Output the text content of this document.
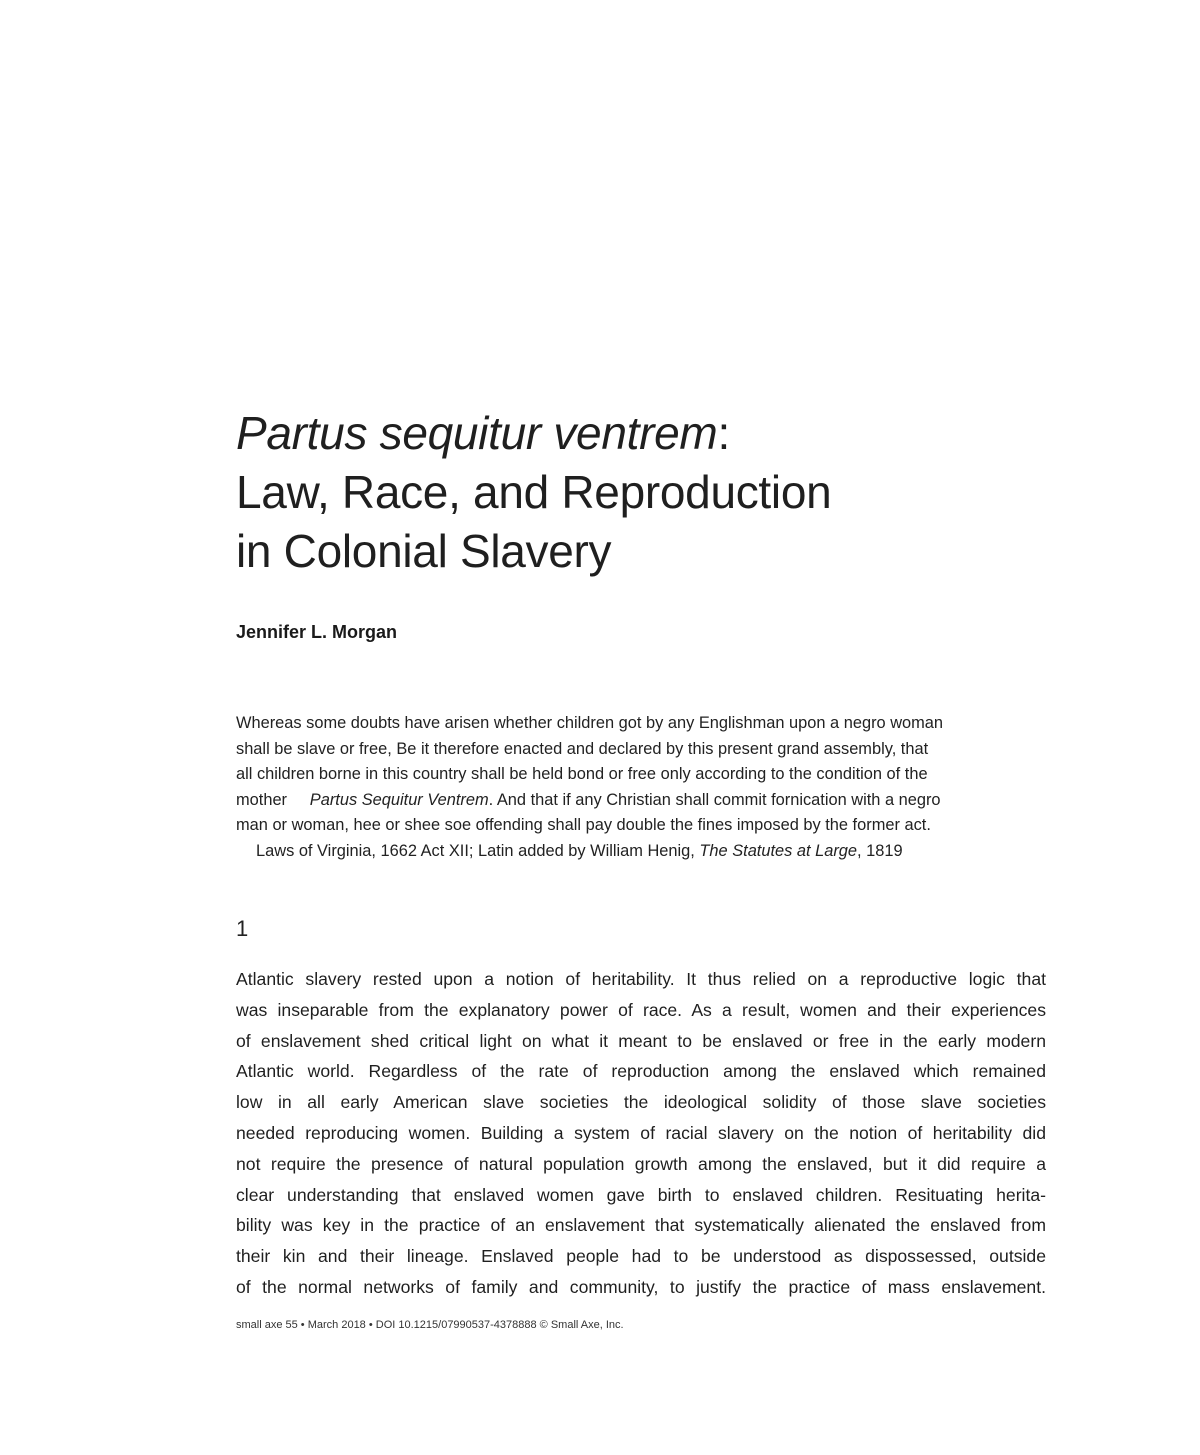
Partus sequitur ventrem:
Law, Race, and Reproduction
in Colonial Slavery
Jennifer L. Morgan
Whereas some doubts have arisen whether children got by any Englishman upon a negro woman
shall be slave or free, Be it therefore enacted and declared by this present grand assembly, that
all children borne in this country shall be held bond or free only according to the condition of the
mother Partus Sequitur Ventrem. And that if any Christian shall commit fornication with a negro
man or woman, hee or shee soe offending shall pay double the fines imposed by the former act.
Laws of Virginia, 1662 Act XII; Latin added by William Henig, The Statutes at Large, 1819
1
Atlantic slavery rested upon a notion of heritability. It thus relied on a reproductive logic that
was inseparable from the explanatory power of race. As a result, women and their experiences
of enslavement shed critical light on what it meant to be enslaved or free in the early modern
Atlantic world. Regardless of the rate of reproduction among the enslaved which remained
low in all early American slave societies the ideological solidity of those slave societies
needed reproducing women. Building a system of racial slavery on the notion of heritability did
not require the presence of natural population growth among the enslaved, but it did require a
clear understanding that enslaved women gave birth to enslaved children. Resituating herita-
bility was key in the practice of an enslavement that systematically alienated the enslaved from
their kin and their lineage. Enslaved people had to be understood as dispossessed, outside
of the normal networks of family and community, to justify the practice of mass enslavement.
small axe 55 • March 2018 • DOI 10.1215/07990537-4378888 © Small Axe, Inc.
